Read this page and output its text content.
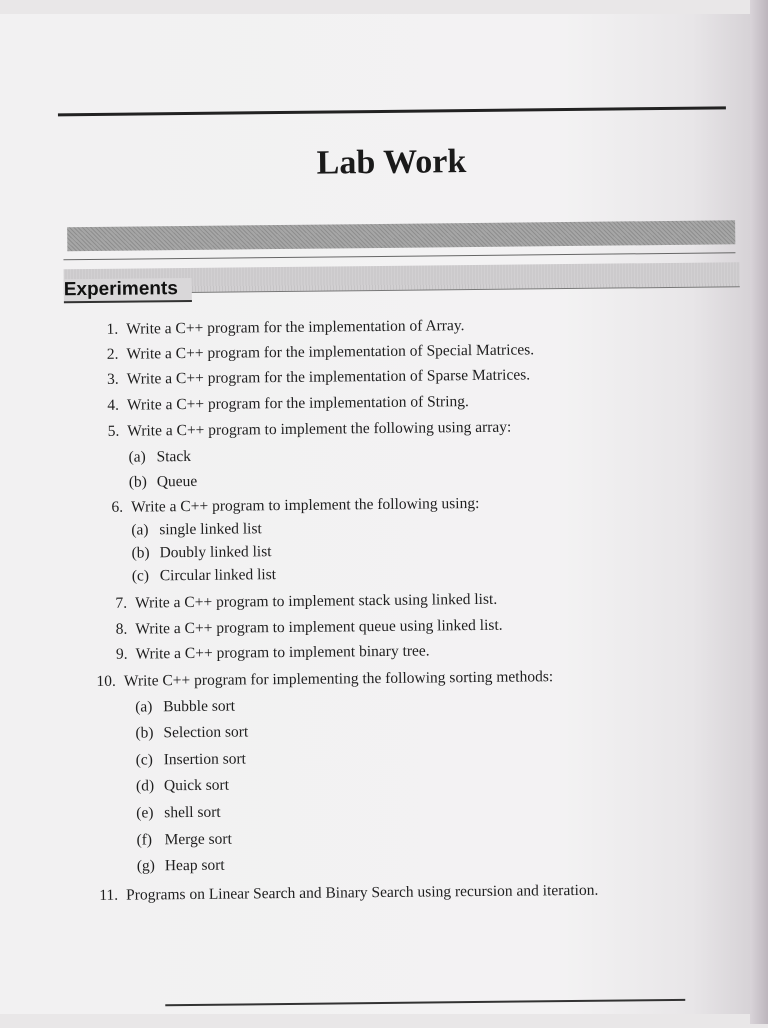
Lab Work
Experiments
1. Write a C++ program for the implementation of Array.
2. Write a C++ program for the implementation of Special Matrices.
3. Write a C++ program for the implementation of Sparse Matrices.
4. Write a C++ program for the implementation of String.
5. Write a C++ program to implement the following using array:
(a) Stack
(b) Queue
6. Write a C++ program to implement the following using:
(a) single linked list
(b) Doubly linked list
(c) Circular linked list
7. Write a C++ program to implement stack using linked list.
8. Write a C++ program to implement queue using linked list.
9. Write a C++ program to implement binary tree.
10. Write C++ program for implementing the following sorting methods:
(a) Bubble sort
(b) Selection sort
(c) Insertion sort
(d) Quick sort
(e) shell sort
(f) Merge sort
(g) Heap sort
11. Programs on Linear Search and Binary Search using recursion and iteration.
